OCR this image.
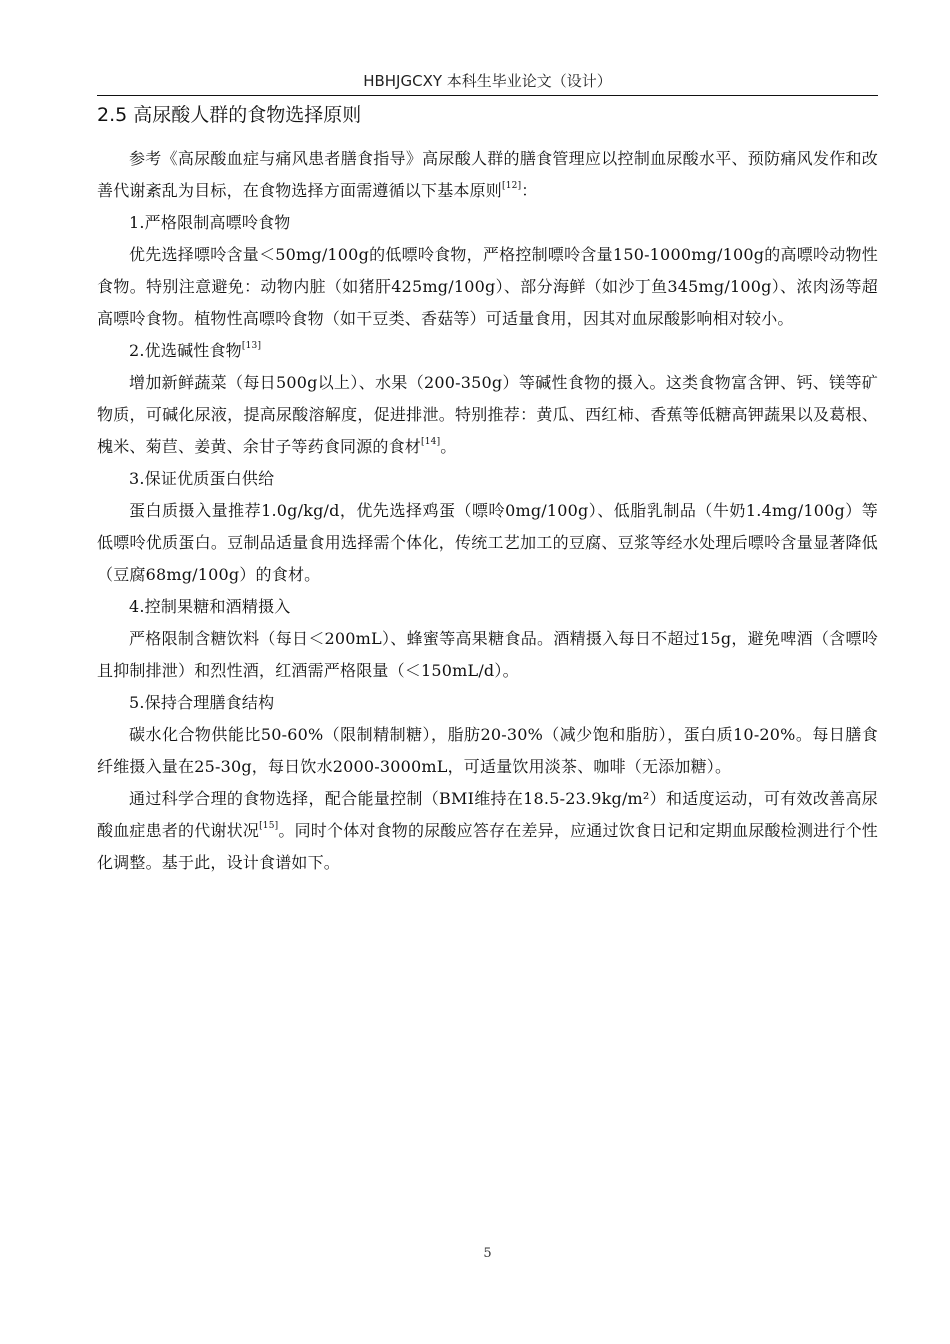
HBHJGCXY 本科生毕业论文（设计）
2.5 高尿酸人群的食物选择原则

参考《高尿酸血症与痛风患者膳食指导》高尿酸人群的膳食管理应以控制血尿酸水平、预防痛风发作和改善代谢紊乱为目标，在食物选择方面需遵循以下基本原则[12]：

1.严格限制高嘌呤食物

优先选择嘌呤含量＜50mg/100g的低嘌呤食物，严格控制嘌呤含量150-1000mg/100g的高嘌呤动物性食物。特别注意避免：动物内脏（如猪肝425mg/100g）、部分海鲜（如沙丁鱼345mg/100g）、浓肉汤等超高嘌呤食物。植物性高嘌呤食物（如干豆类、香菇等）可适量食用，因其对血尿酸影响相对较小。

2.优选碱性食物[13]

增加新鲜蔬菜（每日500g以上）、水果（200-350g）等碱性食物的摄入。这类食物富含钾、钙、镁等矿物质，可碱化尿液，提高尿酸溶解度，促进排泄。特别推荐：黄瓜、西红柿、香蕉等低糖高钾蔬果以及葛根、槐米、菊苣、姜黄、余甘子等药食同源的食材[14]。

3.保证优质蛋白供给

蛋白质摄入量推荐1.0g/kg/d，优先选择鸡蛋（嘌呤0mg/100g）、低脂乳制品（牛奶1.4mg/100g）等低嘌呤优质蛋白。豆制品适量食用选择需个体化，传统工艺加工的豆腐、豆浆等经水处理后嘌呤含量显著降低（豆腐68mg/100g）的食材。

4.控制果糖和酒精摄入

严格限制含糖饮料（每日＜200mL）、蜂蜜等高果糖食品。酒精摄入每日不超过15g，避免啤酒（含嘌呤且抑制排泄）和烈性酒，红酒需严格限量（＜150mL/d）。

5.保持合理膳食结构

碳水化合物供能比50-60%（限制精制糖），脂肪20-30%（减少饱和脂肪），蛋白质10-20%。每日膳食纤维摄入量在25-30g，每日饮水2000-3000mL，可适量饮用淡茶、咖啡（无添加糖）。

通过科学合理的食物选择，配合能量控制（BMI维持在18.5-23.9kg/m²）和适度运动，可有效改善高尿酸血症患者的代谢状况[15]。同时个体对食物的尿酸应答存在差异，应通过饮食日记和定期血尿酸检测进行个性化调整。基于此，设计食谱如下。

5
